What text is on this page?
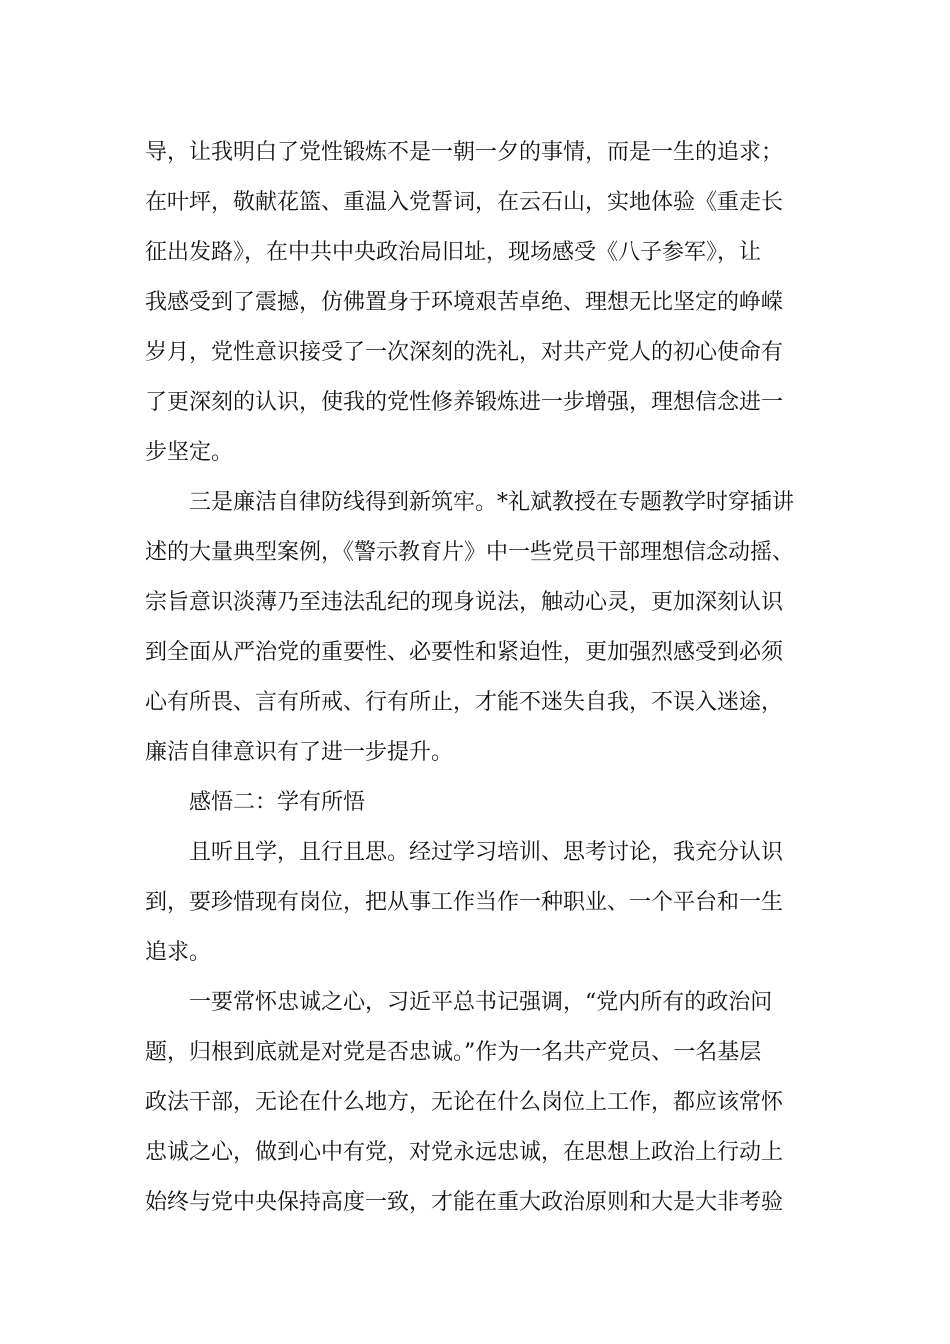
导，让我明白了党性锻炼不是一朝一夕的事情，而是一生的追求；
在叶坪，敬献花篮、重温入党誓词，在云石山，实地体验《重走长
征出发路》，在中共中央政治局旧址，现场感受《八子参军》，让
我感受到了震撼，仿佛置身于环境艰苦卓绝、理想无比坚定的峥嵘
岁月，党性意识接受了一次深刻的洗礼，对共产党人的初心使命有
了更深刻的认识，使我的党性修养锻炼进一步增强，理想信念进一
步坚定。
三是廉洁自律防线得到新筑牢。*礼斌教授在专题教学时穿插讲
述的大量典型案例，《警示教育片》中一些党员干部理想信念动摇、
宗旨意识淡薄乃至违法乱纪的现身说法，触动心灵，更加深刻认识
到全面从严治党的重要性、必要性和紧迫性，更加强烈感受到必须
心有所畏、言有所戒、行有所止，才能不迷失自我，不误入迷途，
廉洁自律意识有了进一步提升。
感悟二：学有所悟
且听且学，且行且思。经过学习培训、思考讨论，我充分认识
到，要珍惜现有岗位，把从事工作当作一种职业、一个平台和一生
追求。
一要常怀忠诚之心，习近平总书记强调，“党内所有的政治问
题，归根到底就是对党是否忠诚。”作为一名共产党员、一名基层
政法干部，无论在什么地方，无论在什么岗位上工作，都应该常怀
忠诚之心，做到心中有党，对党永远忠诚，在思想上政治上行动上
始终与党中央保持高度一致，才能在重大政治原则和大是大非考验
